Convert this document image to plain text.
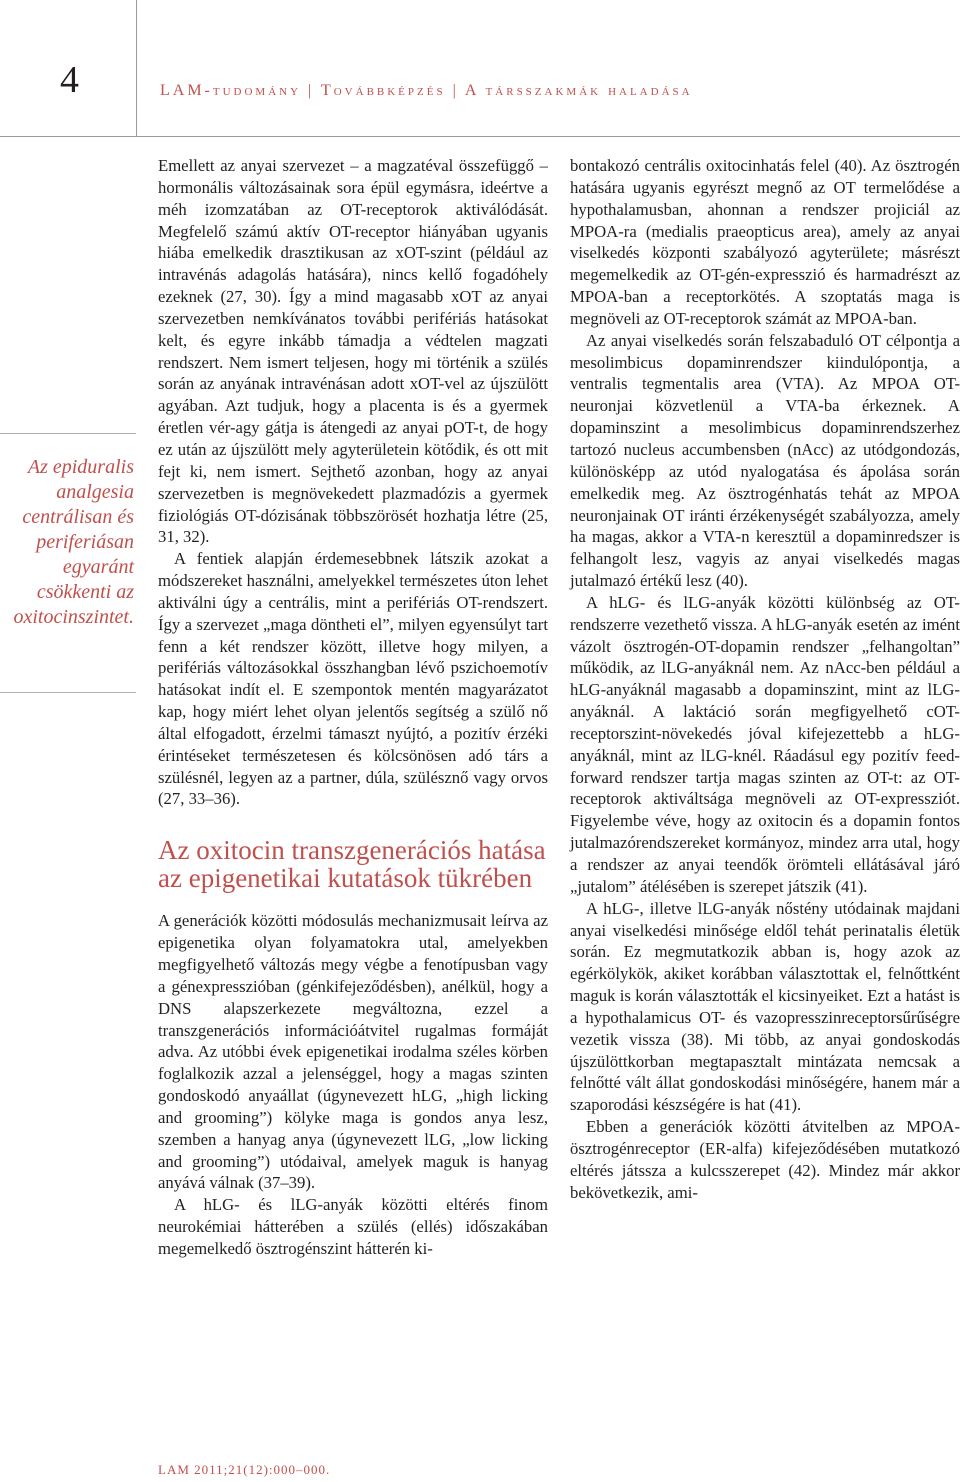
4	LAM-tudomány | Továbbképzés | A társszakmák haladása
Az epiduralis analgesia centrálisan és periferiásan egyaránt csökkenti az oxitocinszintet.

Emellett az anyai szervezet – a magzatéval összefüggő – hormonális változásainak sora épül egymásra, ideértve a méh izomzatában az OT-receptorok aktiválódását. Megfelelő számú aktív OT-receptor hiányában ugyanis hiába emelkedik drasztikusan az xOT-szint (például az intravénás adagolás hatására), nincs kellő fogadóhely ezeknek (27, 30). Így a mind magasabb xOT az anyai szervezetben nemkívánatos további perifériás hatásokat kelt, és egyre inkább támadja a védtelen magzati rendszert. Nem ismert teljesen, hogy mi történik a szülés során az anyának intravénásan adott xOT-vel az újszülött agyában. Azt tudjuk, hogy a placenta is és a gyermek éretlen vér-agy gátja is átengedi az anyai pOT-t, de hogy ez után az újszülött mely agyterületein kötődik, és ott mit fejt ki, nem ismert. Sejthető azonban, hogy az anyai szervezetben is megnövekedett plazmadózis a gyermek fiziológiás OT-dózisának többszörösét hozhatja létre (25, 31, 32).

A fentiek alapján érdemesebbnek látszik azokat a módszereket használni, amelyekkel természetes úton lehet aktiválni úgy a centrális, mint a perifériás OT-rendszert. Így a szervezet „maga döntheti el”, milyen egyensúlyt tart fenn a két rendszer között, illetve hogy milyen, a perifériás változásokkal összhangban lévő pszichoemotív hatásokat indít el. E szempontok mentén magyarázatot kap, hogy miért lehet olyan jelentős segítség a szülő nő által elfogadott, érzelmi támaszt nyújtó, a pozitív érzéki érintéseket természetesen és kölcsönösen adó társ a szülésnél, legyen az a partner, dúla, szülésznő vagy orvos (27, 33–36).

Az oxitocin transzgenerációs hatása az epigenetikai kutatások tükrében

A generációk közötti módosulás mechanizmusait leírva az epigenetika olyan folyamatokra utal, amelyekben megfigyelhető változás megy végbe a fenotípusban vagy a génexpresszióban (génkifejeződésben), anélkül, hogy a DNS alapszerkezete megváltozna, ezzel a transzgenerációs információátvitel rugalmas formáját adva. Az utóbbi évek epigenetikai irodalma széles körben foglalkozik azzal a jelenséggel, hogy a magas szinten gondoskodó anyaállat (úgynevezett hLG, „high licking and grooming”) kölyke maga is gondos anya lesz, szemben a hanyag anya (úgynevezett lLG, „low licking and grooming”) utódaival, amelyek maguk is hanyag anyává válnak (37–39).

A hLG- és lLG-anyák közötti eltérés finom neurokémiai hátterében a szülés (ellés) időszakában megemelkedő ösztrogénszint hátterén ki-

bontakozó centrális oxitocinhatás felel (40). Az ösztrogén hatására ugyanis egyrészt megnő az OT termelődése a hypothalamusban, ahonnan a rendszer projiciál az MPOA-ra (medialis praeopticus area), amely az anyai viselkedés központi szabályozó agyterülete; másrészt megemelkedik az OT-gén-expresszió és harmadrészt az MPOA-ban a receptorkötés. A szoptatás maga is megnöveli az OT-receptorok számát az MPOA-ban.

Az anyai viselkedés során felszabaduló OT célpontja a mesolimbicus dopaminrendszer kiindulópontja, a ventralis tegmentalis area (VTA). Az MPOA OT-neuronjai közvetlenül a VTA-ba érkeznek. A dopaminszint a mesolimbicus dopaminrendszerhez tartozó nucleus accumbensben (nAcc) az utódgondozás, különösképp az utód nyalogatása és ápolása során emelkedik meg. Az ösztrogénhatás tehát az MPOA neuronjainak OT iránti érzékenységét szabályozza, amely ha magas, akkor a VTA-n keresztül a dopaminredszer is felhangolt lesz, vagyis az anyai viselkedés magas jutalmazó értékű lesz (40).

A hLG- és lLG-anyák közötti különbség az OT-rendszerre vezethető vissza. A hLG-anyák esetén az imént vázolt ösztrogén-OT-dopamin rendszer „felhangoltan” működik, az lLG-anyáknál nem. Az nAcc-ben például a hLG-anyáknál magasabb a dopaminszint, mint az lLG-anyáknál. A laktáció során megfigyelhető cOT-receptorszint-növekedés jóval kifejezettebb a hLG-anyáknál, mint az lLG-knél. Ráadásul egy pozitív feed-forward rendszer tartja magas szinten az OT-t: az OT-receptorok aktiváltsága megnöveli az OT-expressziót. Figyelembe véve, hogy az oxitocin és a dopamin fontos jutalmazórendszereket kormányoz, mindez arra utal, hogy a rendszer az anyai teendők örömteli ellátásával járó „jutalom” átélésében is szerepet játszik (41).

A hLG-, illetve lLG-anyák nőstény utódainak majdani anyai viselkedési minősége eldől tehát perinatalis életük során. Ez megmutatkozik abban is, hogy azok az egérkölykök, akiket korábban választottak el, felnőttként maguk is korán választották el kicsinyeiket. Ezt a hatást is a hypothalamicus OT- és vazopresszinreceptorsűrűségre vezetik vissza (38). Mi több, az anyai gondoskodás újszülöttkorban megtapasztalt mintázata nemcsak a felnőtté vált állat gondoskodási minőségére, hanem már a szaporodási készségére is hat (41).

Ebben a generációk közötti átvitelben az MPOA-ösztrogénreceptor (ER-alfa) kifejeződésében mutatkozó eltérés játssza a kulcsszerepet (42). Mindez már akkor bekövetkezik, ami-

LAM 2011;21(12):000–000.
